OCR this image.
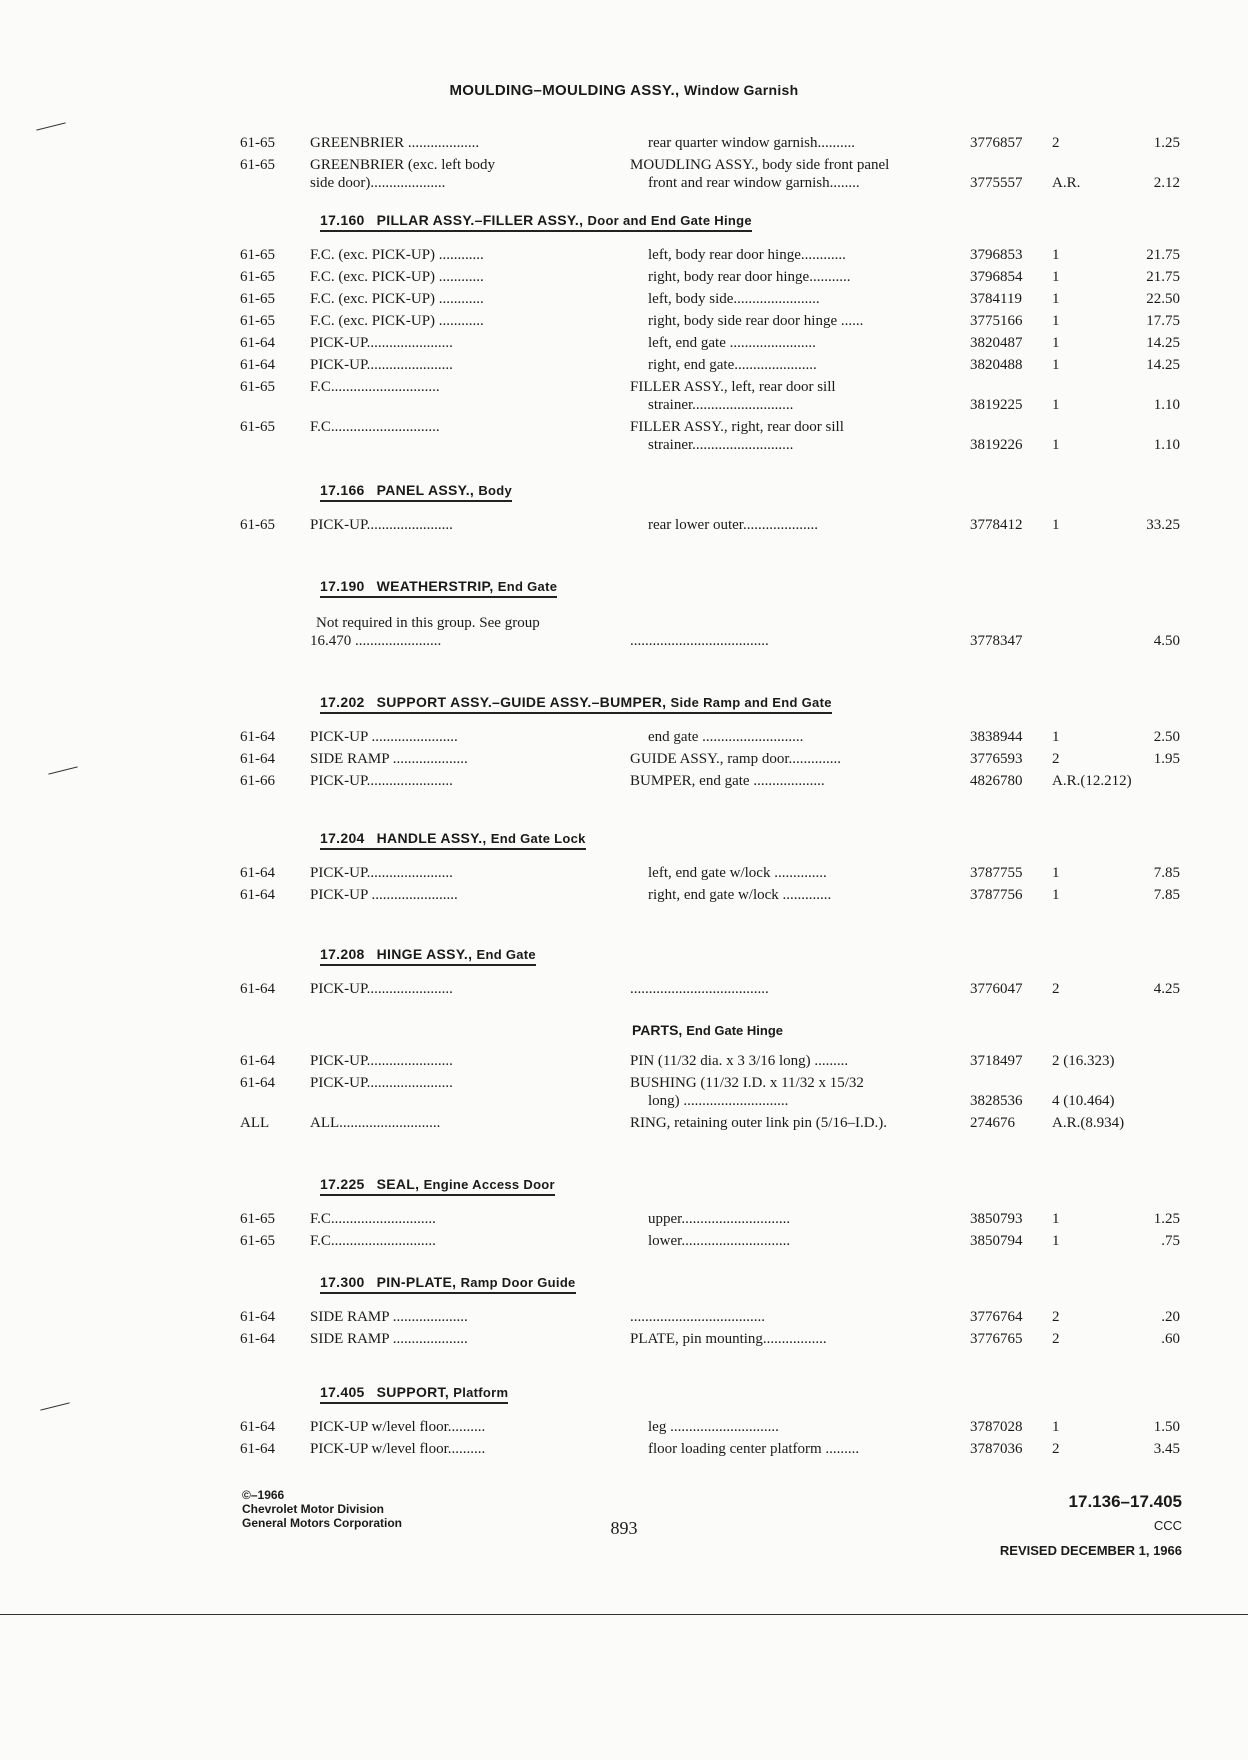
MOULDING–MOULDING ASSY., Window Garnish
61-65	GREENBRIER ...................	rear quarter window garnish..........	3776857	2	1.25
61-65	GREENBRIER (exc. left body	MOUDLING ASSY., body side front panel
side door)....................	front and rear window garnish........	3775557	A.R.	2.12
17.160 PILLAR ASSY.–FILLER ASSY., Door and End Gate Hinge
61-65	F.C. (exc. PICK-UP) ............	left, body rear door hinge............	3796853	1	21.75
61-65	F.C. (exc. PICK-UP) ............	right, body rear door hinge...........	3796854	1	21.75
61-65	F.C. (exc. PICK-UP) ............	left, body side.......................	3784119	1	22.50
61-65	F.C. (exc. PICK-UP) ............	right, body side rear door hinge ......	3775166	1	17.75
61-64	PICK-UP.......................	left, end gate .......................	3820487	1	14.25
61-64	PICK-UP.......................	right, end gate......................	3820488	1	14.25
61-65	F.C.............................	FILLER ASSY., left, rear door sill
strainer...........................	3819225	1	1.10
61-65	F.C.............................	FILLER ASSY., right, rear door sill
strainer...........................	3819226	1	1.10
17.166 PANEL ASSY., Body
61-65	PICK-UP.......................	rear lower outer....................	3778412	1	33.25
17.190 WEATHERSTRIP, End Gate
Not required in this group. See group
16.470 .......................	.....................................	3778347	4.50
17.202 SUPPORT ASSY.–GUIDE ASSY.–BUMPER, Side Ramp and End Gate
61-64	PICK-UP .......................	end gate ...........................	3838944	1	2.50
61-64	SIDE RAMP ....................	GUIDE ASSY., ramp door..............	3776593	2	1.95
61-66	PICK-UP.......................	BUMPER, end gate ...................	4826780	A.R.(12.212)
17.204 HANDLE ASSY., End Gate Lock
61-64	PICK-UP.......................	left, end gate w/lock ..............	3787755	1	7.85
61-64	PICK-UP .......................	right, end gate w/lock .............	3787756	1	7.85
17.208 HINGE ASSY., End Gate
61-64	PICK-UP.......................	.....................................	3776047	2	4.25
PARTS, End Gate Hinge
61-64	PICK-UP.......................	PIN (11/32 dia. x 3 3/16 long) .........	3718497	2 (16.323)
61-64	PICK-UP.......................	BUSHING (11/32 I.D. x 11/32 x 15/32
long) ............................	3828536	4 (10.464)
ALL	ALL...........................	RING, retaining outer link pin (5/16–I.D.).	274676	A.R.(8.934)
17.225 SEAL, Engine Access Door
61-65	F.C............................	upper.............................	3850793	1	1.25
61-65	F.C............................	lower.............................	3850794	1	.75
17.300 PIN-PLATE, Ramp Door Guide
61-64	SIDE RAMP ....................	....................................	3776764	2	.20
61-64	SIDE RAMP ....................	PLATE, pin mounting.................	3776765	2	.60
17.405 SUPPORT, Platform
61-64	PICK-UP w/level floor..........	leg .............................	3787028	1	1.50
61-64	PICK-UP w/level floor..........	floor loading center platform .........	3787036	2	3.45
©–1966
Chevrolet Motor Division
General Motors Corporation	893
17.136–17.405
CCC
REVISED DECEMBER 1, 1966
